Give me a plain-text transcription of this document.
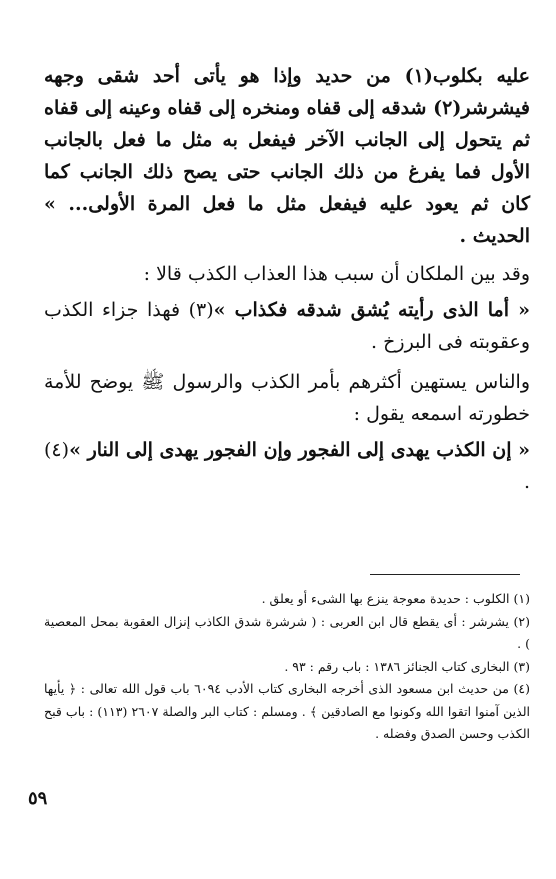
عليه بكلوب(١) من حديد وإذا هو يأتى أحد شقى وجهه فيشرشر(٢) شدقه إلى قفاه ومنخره إلى قفاه وعينه إلى قفاه ثم يتحول إلى الجانب الآخر فيفعل به مثل ما فعل بالجانب الأول فما يفرغ من ذلك الجانب حتى يصح ذلك الجانب كما كان ثم يعود عليه فيفعل مثل ما فعل المرة الأولى... » الحديث .

وقد بين الملكان أن سبب هذا العذاب الكذب قالا :

« أما الذى رأيته يُشق شدقه فكذاب »(٣) فهذا جزاء الكذب وعقوبته فى البرزخ .

والناس يستهين أكثرهم بأمر الكذب والرسول ﷺ يوضح للأمة خطورته اسمعه يقول :

« إن الكذب يهدى إلى الفجور وإن الفجور يهدى إلى النار »(٤) .

(١) الكلوب : حديدة معوجة ينزع بها الشىء أو يعلق .

(٢) يشرشر : أى يقطع قال ابن العربى : ( شرشرة شدق الكاذب إنزال العقوبة بمحل المعصية ) .

(٣) البخارى كتاب الجنائز ١٣٨٦ : باب رقم : ٩٣ .

(٤) من حديث ابن مسعود الذى أخرجه البخارى كتاب الأدب ٦٠٩٤ باب قول الله تعالى : ﴿ يأيها الذين آمنوا اتقوا الله وكونوا مع الصادقين ﴾ . ومسلم : كتاب البر والصلة ٢٦٠٧ (١١٣) : باب قبح الكذب وحسن الصدق وفضله .

٥٩
